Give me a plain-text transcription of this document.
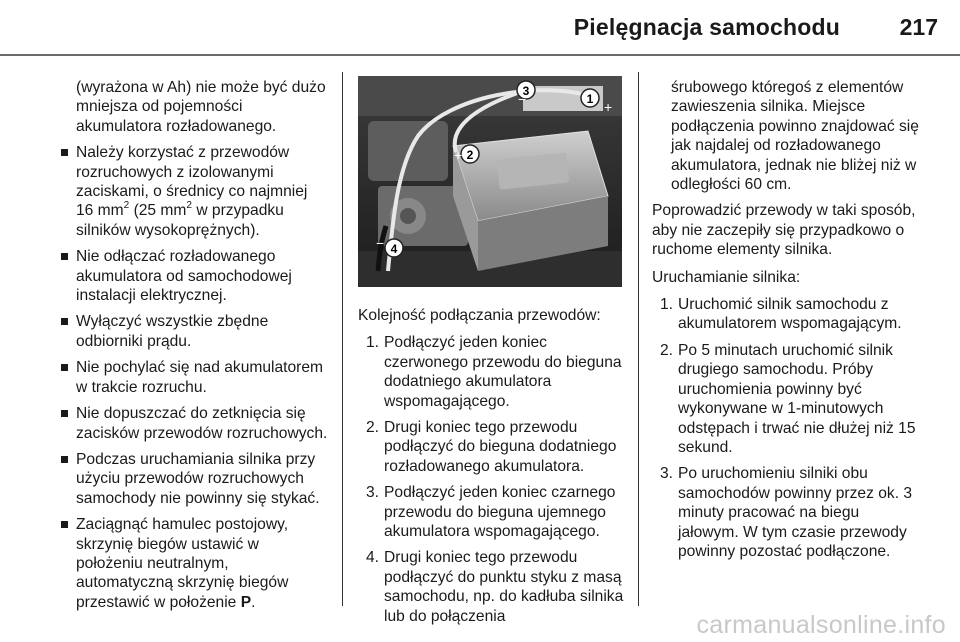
Pielęgnacja samochodu	217
(wyrażona w Ah) nie może być dużo mniejsza od pojemności akumulatora rozładowanego.
Należy korzystać z przewodów rozruchowych z izolowanymi zaciskami, o średnicy co najmniej 16 $mm^2$ (25 $mm^2$ w przypadku silników wysokoprężnych).
Nie odłączać rozładowanego akumulatora od samochodowej instalacji elektrycznej.
Wyłączyć wszystkie zbędne odbiorniki prądu.
Nie pochylać się nad akumulatorem w trakcie rozruchu.
Nie dopuszczać do zetknięcia się zacisków przewodów rozruchowych.
Podczas uruchamiania silnika przy użyciu przewodów rozruchowych samochody nie powinny się stykać.
Zaciągnąć hamulec postojowy, skrzynię biegów ustawić w położeniu neutralnym, automatyczną skrzynię biegów przestawić w położenie P.
1
2
3
4
+
+
−
−
Kolejność podłączania przewodów:
1. Podłączyć jeden koniec czerwonego przewodu do bieguna dodatniego akumulatora wspomagającego.
2. Drugi koniec tego przewodu podłączyć do bieguna dodatniego rozładowanego akumulatora.
3. Podłączyć jeden koniec czarnego przewodu do bieguna ujemnego akumulatora wspomagającego.
4. Drugi koniec tego przewodu podłączyć do punktu styku z masą samochodu, np. do kadłuba silnika lub do połączenia
śrubowego któregoś z elementów zawieszenia silnika. Miejsce podłączenia powinno znajdować się jak najdalej od rozładowanego akumulatora, jednak nie bliżej niż w odległości 60 cm.
Poprowadzić przewody w taki sposób, aby nie zaczepiły się przypadkowo o ruchome elementy silnika.
Uruchamianie silnika:
1. Uruchomić silnik samochodu z akumulatorem wspomagającym.
2. Po 5 minutach uruchomić silnik drugiego samochodu. Próby uruchomienia powinny być wykonywane w 1-minutowych odstępach i trwać nie dłużej niż 15 sekund.
3. Po uruchomieniu silniki obu samochodów powinny przez ok. 3 minuty pracować na biegu jałowym. W tym czasie przewody powinny pozostać podłączone.
carmanualsonline.info
